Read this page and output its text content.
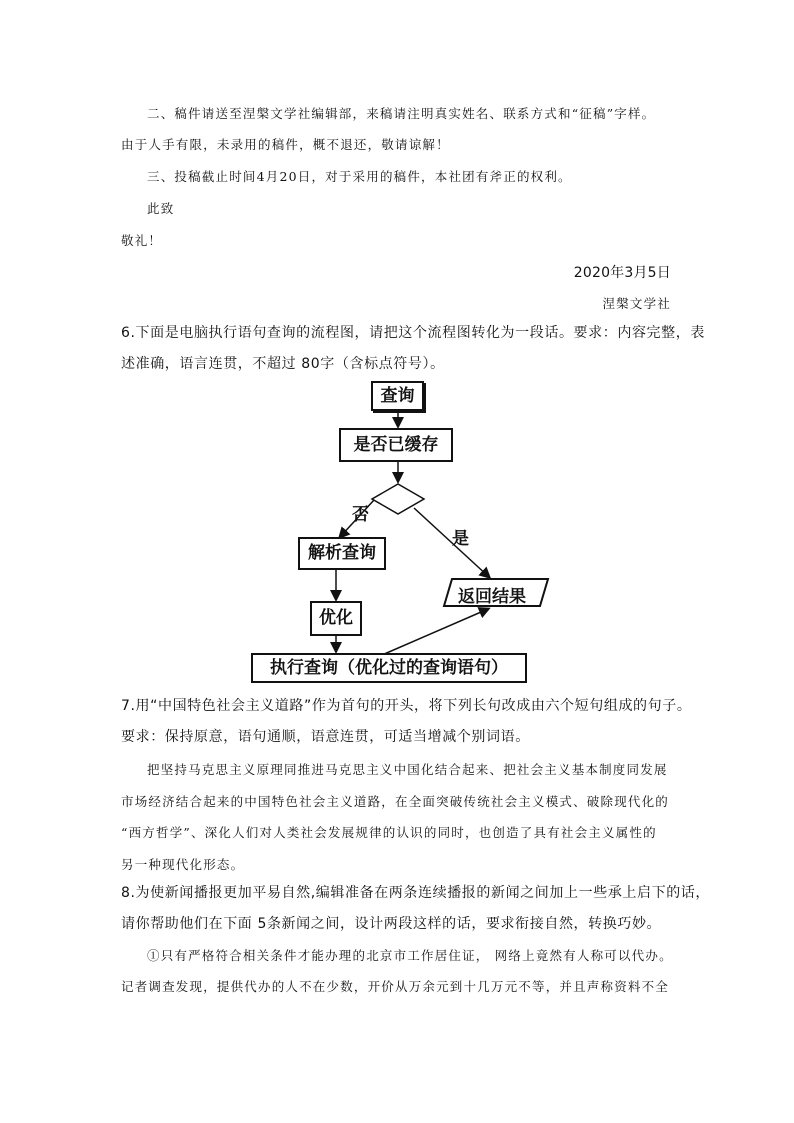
二、稿件请送至涅槃文学社编辑部，来稿请注明真实姓名、联系方式和“征稿”字样。
由于人手有限，未录用的稿件，概不退还，敬请谅解！
三、投稿截止时间4月20日，对于采用的稿件，本社团有斧正的权利。
此致
敬礼！
2020年3月5日
涅槃文学社
6.下面是电脑执行语句查询的流程图，请把这个流程图转化为一段话。要求：内容完整，表
述准确，语言连贯，不超过 80字（含标点符号）。
查询
是否已缓存
否
是
解析查询
返回结果
优化
执行查询（优化过的查询语句）
7.用“中国特色社会主义道路”作为首句的开头，将下列长句改成由六个短句组成的句子。
要求：保持原意，语句通顺，语意连贯，可适当增减个别词语。
把坚持马克思主义原理同推进马克思主义中国化结合起来、把社会主义基本制度同发展
市场经济结合起来的中国特色社会主义道路，在全面突破传统社会主义模式、破除现代化的
“西方哲学”、深化人们对人类社会发展规律的认识的同时，也创造了具有社会主义属性的
另一种现代化形态。
8.为使新闻播报更加平易自然,编辑准备在两条连续播报的新闻之间加上一些承上启下的话，
请你帮助他们在下面 5条新闻之间，设计两段这样的话，要求衔接自然，转换巧妙。
①只有严格符合相关条件才能办理的北京市工作居住证， 网络上竟然有人称可以代办。
记者调查发现，提供代办的人不在少数，开价从万余元到十几万元不等，并且声称资料不全
